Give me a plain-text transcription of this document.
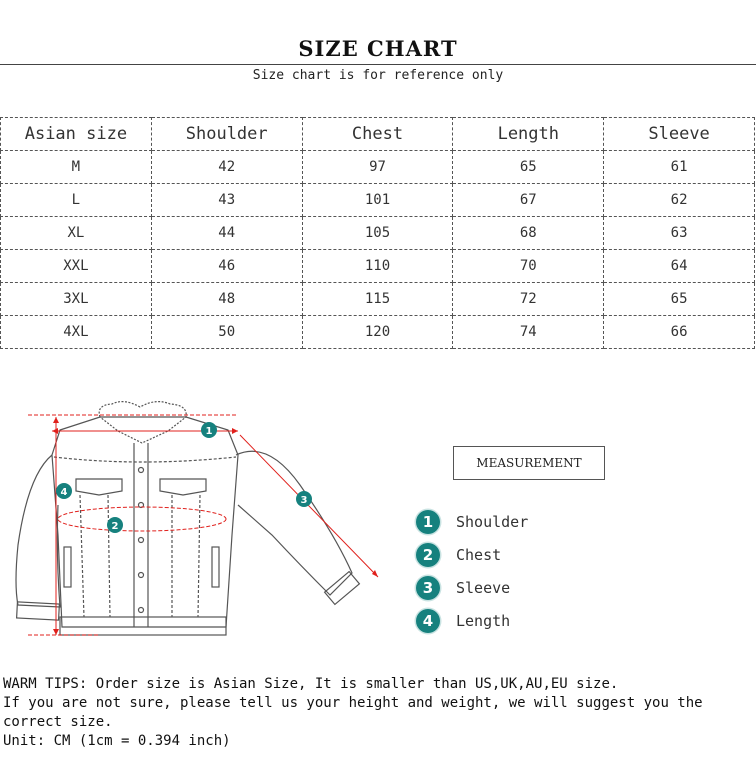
SIZE CHART
Size chart is for reference only
Asian size	Shoulder	Chest	Length	Sleeve
M	42	97	65	61
L	43	101	67	62
XL	44	105	68	63
XXL	46	110	70	64
3XL	48	115	72	65
4XL	50	120	74	66
1
2
3
4
MEASUREMENT
1	Shoulder
2	Chest
3	Sleeve
4	Length
WARM TIPS: Order size is Asian Size, It is smaller than US,UK,AU,EU size.
If you are not sure, please tell us your height and weight, we will suggest you the correct size.
Unit: CM (1cm = 0.394 inch)
